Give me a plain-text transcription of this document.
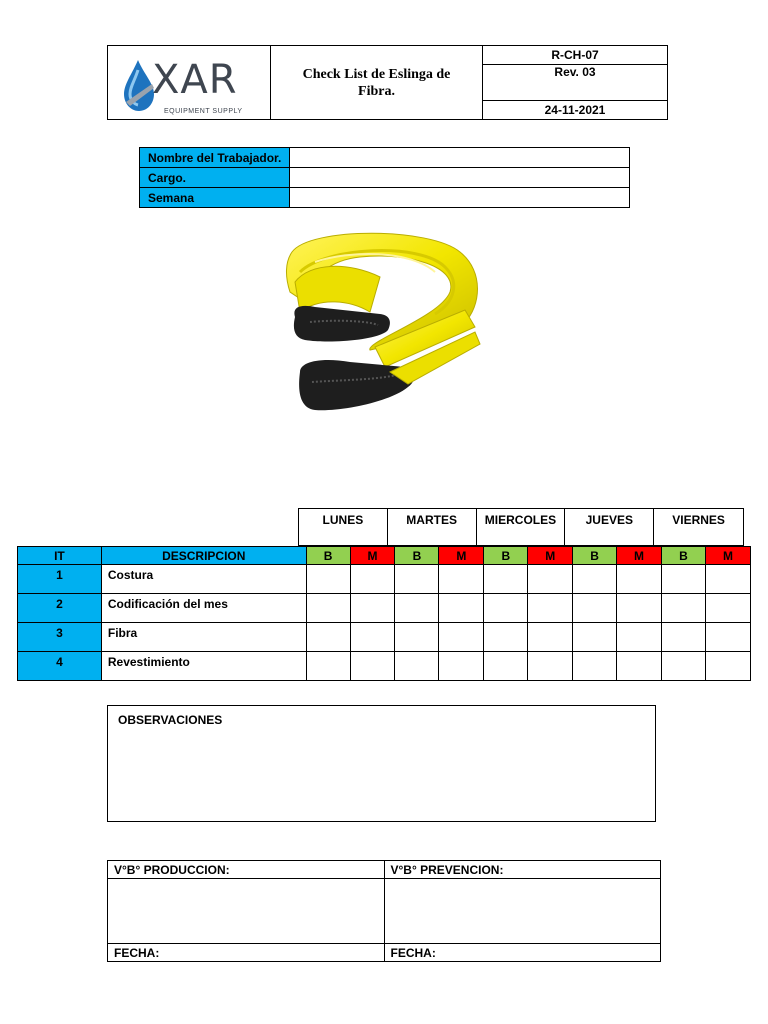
XAR
EQUIPMENT SUPPLY

Check List de Eslinga de Fibra.
	R-CH-07
Rev. 03
24-11-2021
Nombre del Trabajador.	
Cargo.	
Semana	
LUNES	MARTES	MIERCOLES	JUEVES	VIERNES
IT	DESCRIPCION	B	M	B	M	B	M	B	M	B	M
1	Costura										
2	Codificación del mes										
3	Fibra										
4	Revestimiento										
OBSERVACIONES
V°B° PRODUCCION:	V°B° PREVENCION:

FECHA:	FECHA:
